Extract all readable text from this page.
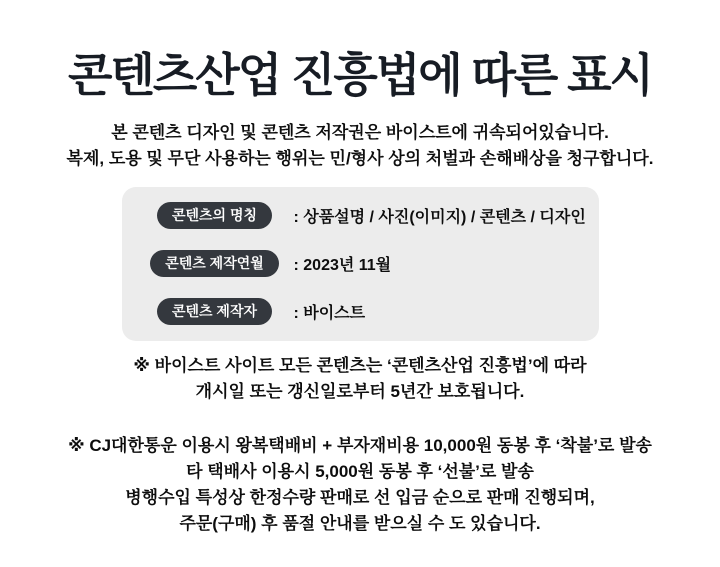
콘텐츠산업 진흥법에 따른 표시
본 콘텐츠 디자인 및 콘텐츠 저작권은 바이스트에 귀속되어있습니다.
복제, 도용 및 무단 사용하는 행위는 민/형사 상의 처벌과 손해배상을 청구합니다.
콘텐츠의 명칭	: 상품설명 / 사진(이미지) / 콘텐츠 / 디자인
콘텐츠 제작연월	: 2023년 11월
콘텐츠 제작자	: 바이스트
※ 바이스트 사이트 모든 콘텐츠는 ‘콘텐츠산업 진흥법’에 따라
개시일 또는 갱신일로부터 5년간 보호됩니다.
※ CJ대한통운 이용시 왕복택배비 + 부자재비용 10,000원 동봉 후 ‘착불’로 발송
타 택배사 이용시 5,000원 동봉 후 ‘선불’로 발송
병행수입 특성상 한정수량 판매로 선 입금 순으로 판매 진행되며,
주문(구매) 후 품절 안내를 받으실 수 도 있습니다.
